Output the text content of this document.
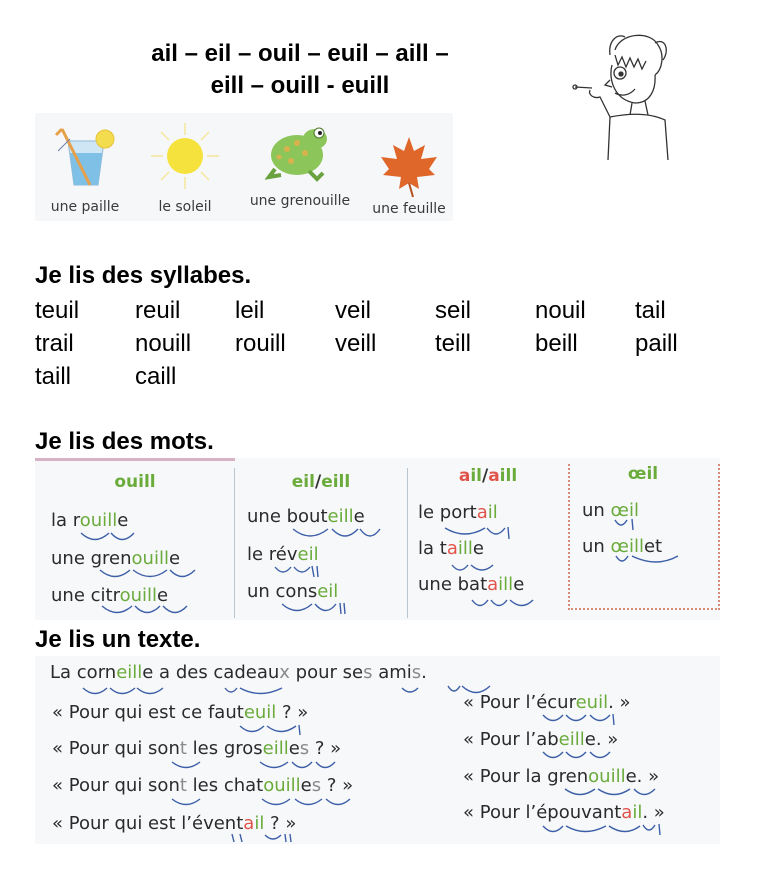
ail – eil – ouil – euil – aill –
eill – ouill - euill
une paille	le soleil	une grenouille	une feuille
Je lis des syllabes.
teuil	reuil	leil	veil	seil	nouil	tail
trail	nouill	rouill	veill	teill	beill	paill
taill	caill
Je lis des mots.
ouill
la rouille
une grenouille
une citrouille
eil/eill
une bouteille
le réveil
un conseil
ail/aill
le portail
la taille
une bataille
œil
un œil
un œillet
Je lis un texte.
La corneille a des cadeaux pour ses amis.
« Pour qui est ce fauteuil ? »
« Pour qui sont les groseilles ? »
« Pour qui sont les chatouilles ? »
« Pour qui est l’éventail ? »
« Pour l’écureuil. »
« Pour l’abeille. »
« Pour la grenouille. »
« Pour l’épouvantail. »
